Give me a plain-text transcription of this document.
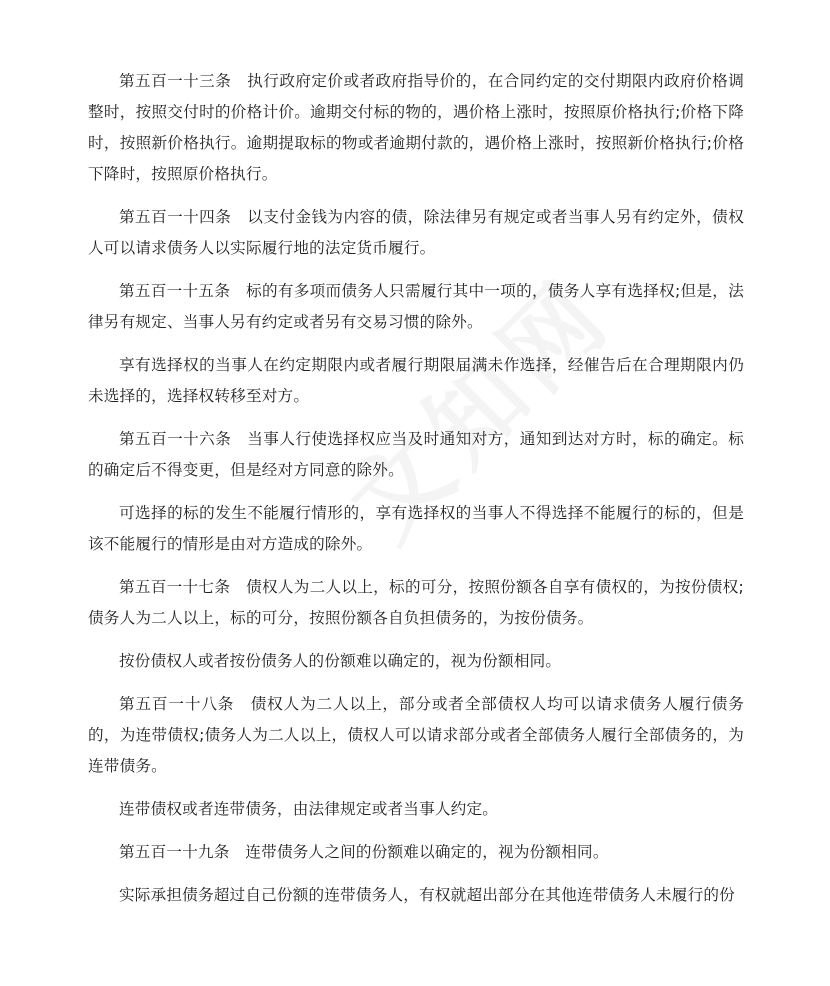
第五百一十三条　执行政府定价或者政府指导价的，在合同约定的交付期限内政府价格调整时，按照交付时的价格计价。逾期交付标的物的，遇价格上涨时，按照原价格执行;价格下降时，按照新价格执行。逾期提取标的物或者逾期付款的，遇价格上涨时，按照新价格执行;价格下降时，按照原价格执行。

第五百一十四条　以支付金钱为内容的债，除法律另有规定或者当事人另有约定外，债权人可以请求债务人以实际履行地的法定货币履行。

第五百一十五条　标的有多项而债务人只需履行其中一项的，债务人享有选择权;但是，法律另有规定、当事人另有约定或者另有交易习惯的除外。

享有选择权的当事人在约定期限内或者履行期限届满未作选择，经催告后在合理期限内仍未选择的，选择权转移至对方。

第五百一十六条　当事人行使选择权应当及时通知对方，通知到达对方时，标的确定。标的确定后不得变更，但是经对方同意的除外。

可选择的标的发生不能履行情形的，享有选择权的当事人不得选择不能履行的标的，但是该不能履行的情形是由对方造成的除外。

第五百一十七条　债权人为二人以上，标的可分，按照份额各自享有债权的，为按份债权;债务人为二人以上，标的可分，按照份额各自负担债务的，为按份债务。

按份债权人或者按份债务人的份额难以确定的，视为份额相同。

第五百一十八条　债权人为二人以上，部分或者全部债权人均可以请求债务人履行债务的，为连带债权;债务人为二人以上，债权人可以请求部分或者全部债务人履行全部债务的，为连带债务。

连带债权或者连带债务，由法律规定或者当事人约定。

第五百一十九条　连带债务人之间的份额难以确定的，视为份额相同。

实际承担债务超过自己份额的连带债务人，有权就超出部分在其他连带债务人未履行的份
